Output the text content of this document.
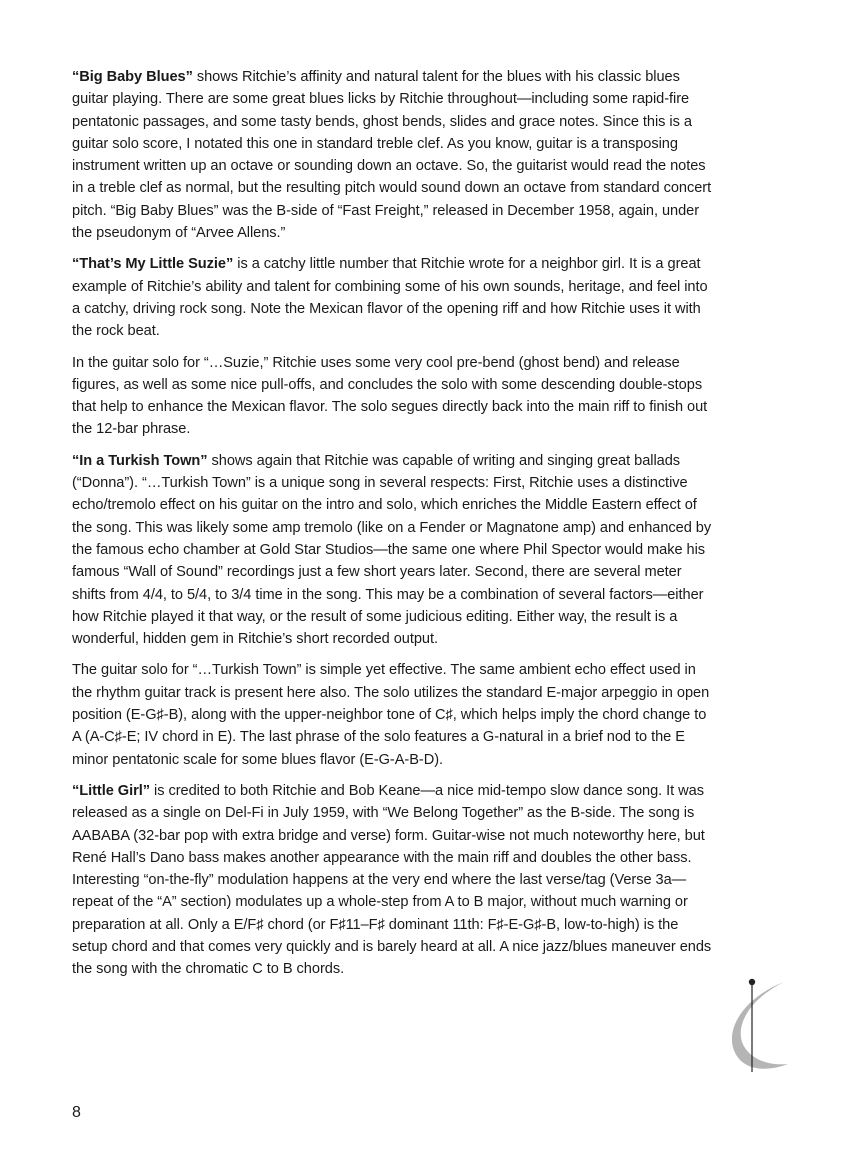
“Big Baby Blues” shows Ritchie’s affinity and natural talent for the blues with his classic blues guitar playing. There are some great blues licks by Ritchie throughout—including some rapid-fire pentatonic passages, and some tasty bends, ghost bends, slides and grace notes. Since this is a guitar solo score, I notated this one in standard treble clef. As you know, guitar is a transposing instrument written up an octave or sounding down an octave. So, the guitarist would read the notes in a treble clef as normal, but the resulting pitch would sound down an octave from standard concert pitch. “Big Baby Blues” was the B-side of “Fast Freight,” released in December 1958, again, under the pseudonym of “Arvee Allens.”

“That’s My Little Suzie” is a catchy little number that Ritchie wrote for a neighbor girl. It is a great example of Ritchie’s ability and talent for combining some of his own sounds, heritage, and feel into a catchy, driving rock song. Note the Mexican flavor of the opening riff and how Ritchie uses it with the rock beat.

In the guitar solo for “…Suzie,” Ritchie uses some very cool pre-bend (ghost bend) and release figures, as well as some nice pull-offs, and concludes the solo with some descending double-stops that help to enhance the Mexican flavor. The solo segues directly back into the main riff to finish out the 12-bar phrase.

“In a Turkish Town” shows again that Ritchie was capable of writing and singing great ballads (“Donna”). “…Turkish Town” is a unique song in several respects: First, Ritchie uses a distinctive echo/tremolo effect on his guitar on the intro and solo, which enriches the Middle Eastern effect of the song. This was likely some amp tremolo (like on a Fender or Magnatone amp) and enhanced by the famous echo chamber at Gold Star Studios—the same one where Phil Spector would make his famous “Wall of Sound” recordings just a few short years later. Second, there are several meter shifts from 4/4, to 5/4, to 3/4 time in the song. This may be a combination of several factors—either how Ritchie played it that way, or the result of some judicious editing. Either way, the result is a wonderful, hidden gem in Ritchie’s short recorded output.

The guitar solo for “…Turkish Town” is simple yet effective. The same ambient echo effect used in the rhythm guitar track is present here also. The solo utilizes the standard E-major arpeggio in open position (E-G♯-B), along with the upper-neighbor tone of C♯, which helps imply the chord change to A (A-C♯-E; IV chord in E). The last phrase of the solo features a G-natural in a brief nod to the E minor pentatonic scale for some blues flavor (E-G-A-B-D).

“Little Girl” is credited to both Ritchie and Bob Keane—a nice mid-tempo slow dance song. It was released as a single on Del-Fi in July 1959, with “We Belong Together” as the B-side. The song is AABABA (32-bar pop with extra bridge and verse) form. Guitar-wise not much noteworthy here, but René Hall’s Dano bass makes another appearance with the main riff and doubles the other bass. Interesting “on-the-fly” modulation happens at the very end where the last verse/tag (Verse 3a—repeat of the “A” section) modulates up a whole-step from A to B major, without much warning or preparation at all. Only a E/F♯ chord (or F♯11–F♯ dominant 11th: F♯-E-G♯-B, low-to-high) is the setup chord and that comes very quickly and is barely heard at all. A nice jazz/blues maneuver ends the song with the chromatic C to B chords.

8
